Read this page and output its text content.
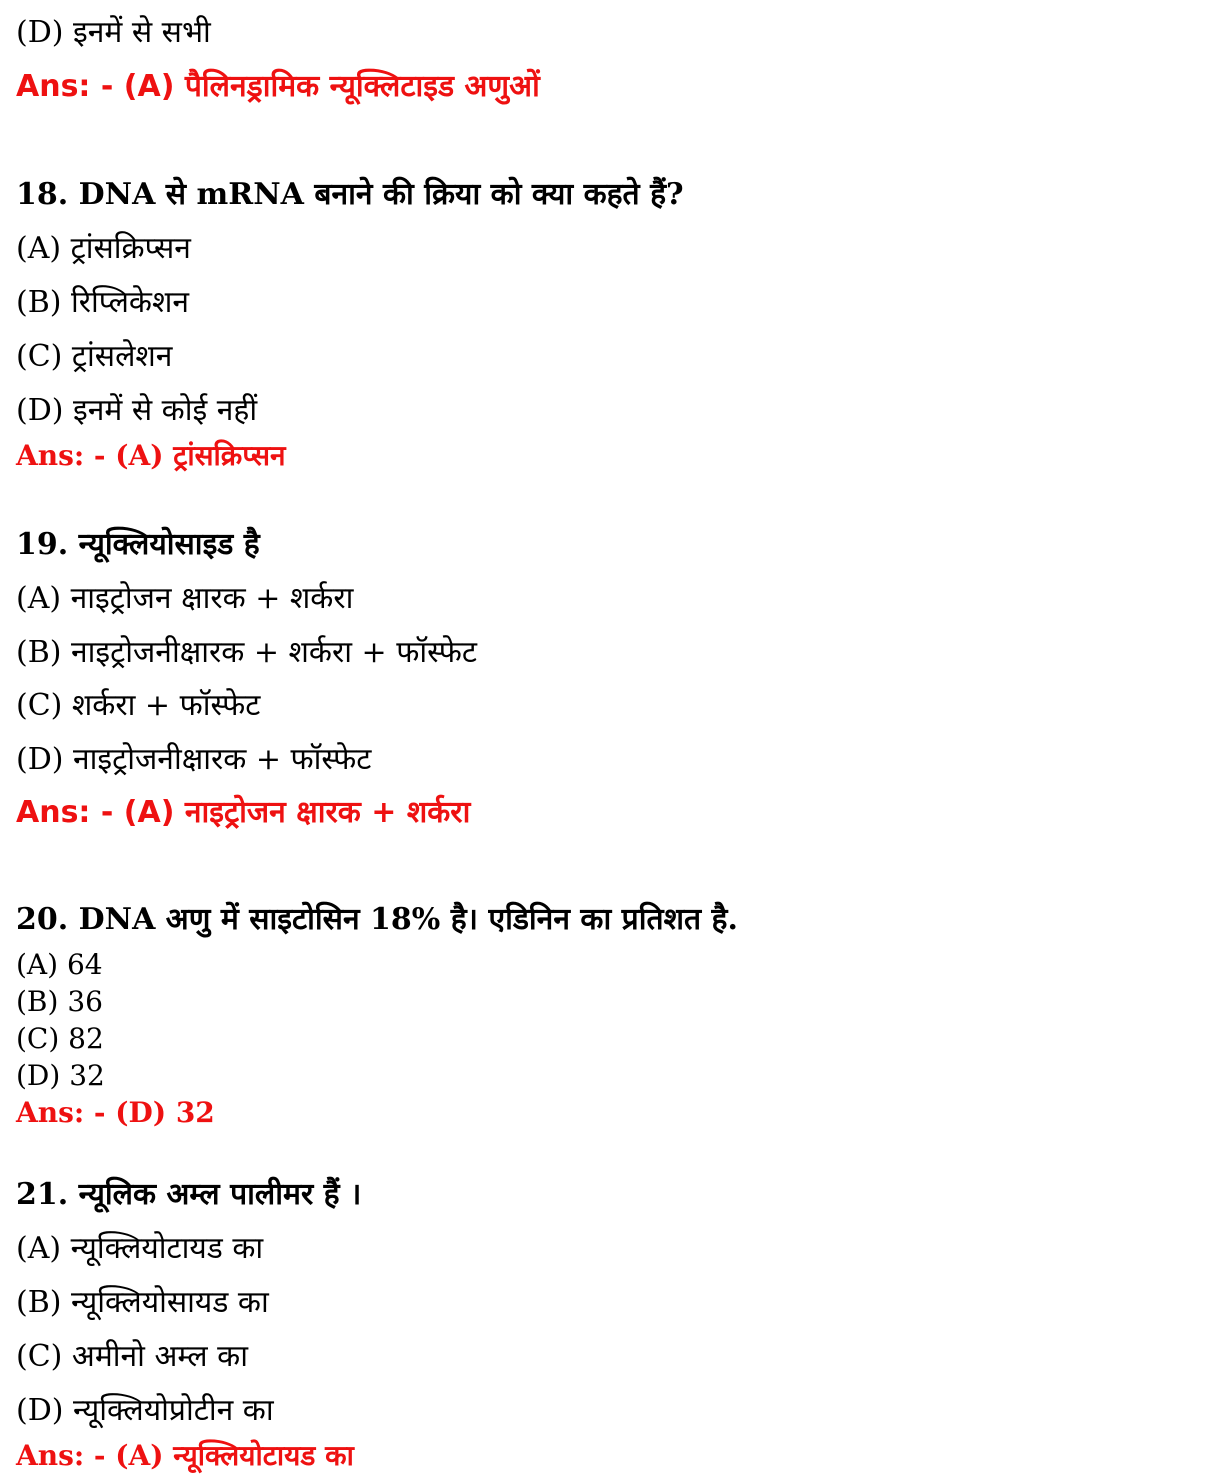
(D) इनमें से सभी
Ans: - (A) पैलिनड्रामिक न्यूक्लिटाइड अणुओं
18. DNA से mRNA बनाने की क्रिया को क्या कहते हैं?
(A) ट्रांसक्रिप्सन
(B) रिप्लिकेशन
(C) ट्रांसलेशन
(D) इनमें से कोई नहीं
Ans: - (A) ट्रांसक्रिप्सन
19. न्यूक्लियोसाइड है
(A) नाइट्रोजन क्षारक + शर्करा
(B) नाइट्रोजनीक्षारक + शर्करा + फॉस्फेट
(C) शर्करा + फॉस्फेट
(D) नाइट्रोजनीक्षारक + फॉस्फेट
Ans: - (A) नाइट्रोजन क्षारक + शर्करा
20. DNA अणु में साइटोसिन 18% है। एडिनिन का प्रतिशत है.
(A) 64
(B) 36
(C) 82
(D) 32
Ans: - (D) 32
21. न्यूलिक अम्ल पालीमर हैं ।
(A) न्यूक्लियोटायड का
(B) न्यूक्लियोसायड का
(C) अमीनो अम्ल का
(D) न्यूक्लियोप्रोटीन का
Ans: - (A) न्यूक्लियोटायड का
